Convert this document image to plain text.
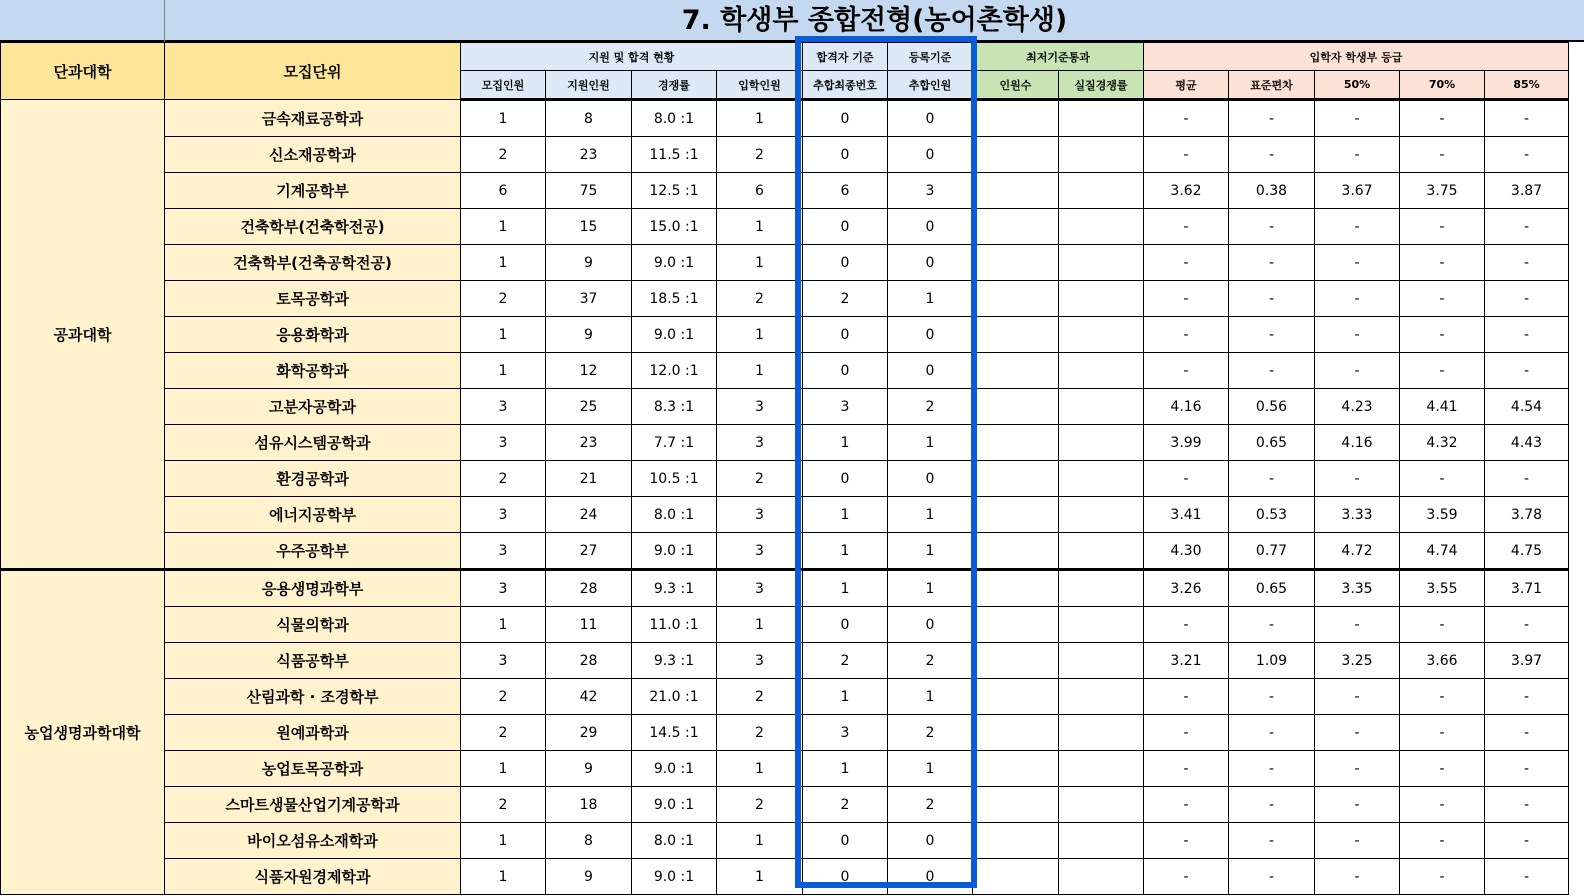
7. 학생부 종합전형(농어촌학생)
단과대학	모집단위	지원 및 합격 현황				합격자 기준	등록기준	최저기준통과		입학자 학생부 등급				
		모집인원	지원인원	경쟁률	입학인원	추합최종번호	추합인원	인원수	실질경쟁률	평균	표준편차	50%	70%	85%
공과대학	금속재료공학과	1	8	8.0 :1	1	0	0			-	-	-	-	-
	신소재공학과	2	23	11.5 :1	2	0	0			-	-	-	-	-
	기계공학부	6	75	12.5 :1	6	6	3			3.62	0.38	3.67	3.75	3.87
	건축학부(건축학전공)	1	15	15.0 :1	1	0	0			-	-	-	-	-
	건축학부(건축공학전공)	1	9	9.0 :1	1	0	0			-	-	-	-	-
	토목공학과	2	37	18.5 :1	2	2	1			-	-	-	-	-
	응용화학과	1	9	9.0 :1	1	0	0			-	-	-	-	-
	화학공학과	1	12	12.0 :1	1	0	0			-	-	-	-	-
	고분자공학과	3	25	8.3 :1	3	3	2			4.16	0.56	4.23	4.41	4.54
	섬유시스템공학과	3	23	7.7 :1	3	1	1			3.99	0.65	4.16	4.32	4.43
	환경공학과	2	21	10.5 :1	2	0	0			-	-	-	-	-
	에너지공학부	3	24	8.0 :1	3	1	1			3.41	0.53	3.33	3.59	3.78
	우주공학부	3	27	9.0 :1	3	1	1			4.30	0.77	4.72	4.74	4.75
농업생명과학대학	응용생명과학부	3	28	9.3 :1	3	1	1			3.26	0.65	3.35	3.55	3.71
	식물의학과	1	11	11.0 :1	1	0	0			-	-	-	-	-
	식품공학부	3	28	9.3 :1	3	2	2			3.21	1.09	3.25	3.66	3.97
	산림과학 · 조경학부	2	42	21.0 :1	2	1	1			-	-	-	-	-
	원예과학과	2	29	14.5 :1	2	3	2			-	-	-	-	-
	농업토목공학과	1	9	9.0 :1	1	1	1			-	-	-	-	-
	스마트생물산업기계공학과	2	18	9.0 :1	2	2	2			-	-	-	-	-
	바이오섬유소재학과	1	8	8.0 :1	1	0	0			-	-	-	-	-
	식품자원경제학과	1	9	9.0 :1	1	0	0			-	-	-	-	-
